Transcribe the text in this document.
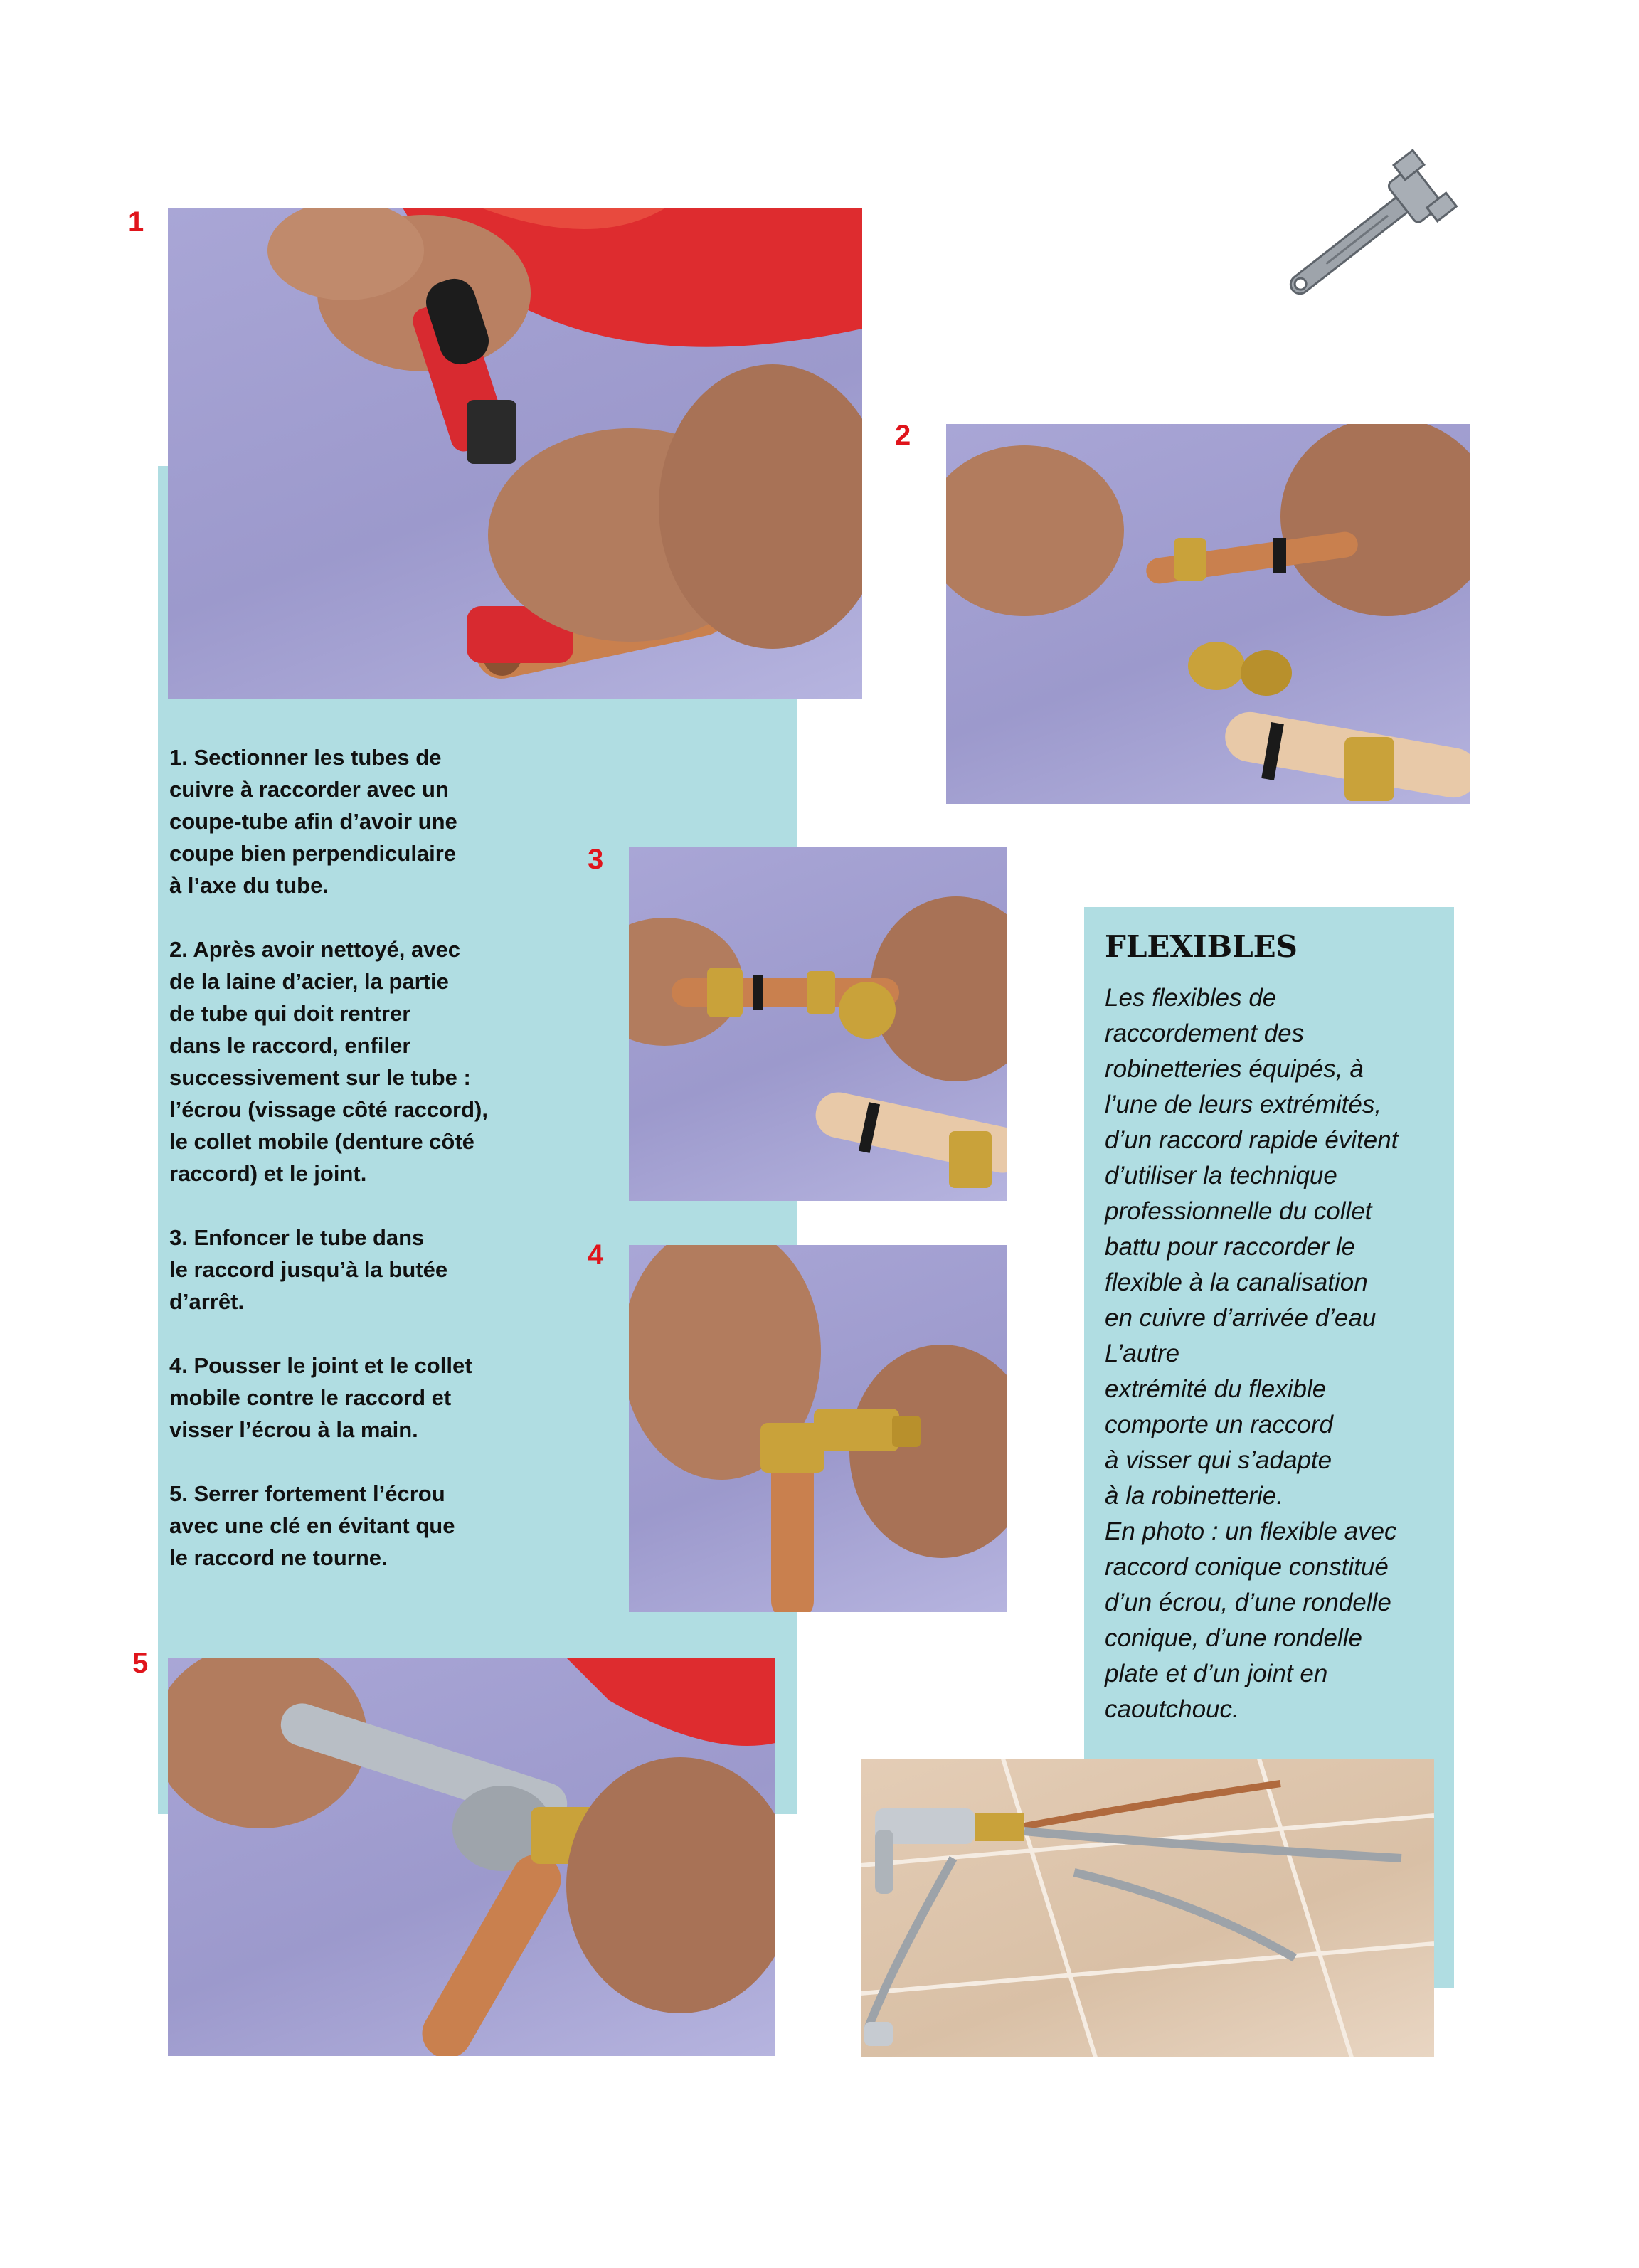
1
2
3
4
5

1. Sectionner les tubes de
cuivre à raccorder avec un
coupe-tube afin d’avoir une
coupe bien perpendiculaire
à l’axe du tube.

2. Après avoir nettoyé, avec
de la laine d’acier, la partie
de tube qui doit rentrer
dans le raccord, enfiler
successivement sur le tube :
l’écrou (vissage côté raccord),
le collet mobile (denture côté
raccord) et le joint.

3. Enfoncer le tube dans
le raccord jusqu’à la butée
d’arrêt.

4. Pousser le joint et le collet
mobile contre le raccord et
visser l’écrou à la main.

5. Serrer fortement l’écrou
avec une clé en évitant que
le raccord ne tourne.

FLEXIBLES

Les flexibles de
raccordement des
robinetteries équipés, à
l’une de leurs extrémités,
d’un raccord rapide évitent
d’utiliser la technique
professionnelle du collet
battu pour raccorder le
flexible à la canalisation
en cuivre d’arrivée d’eau
L’autre
extrémité du flexible
comporte un raccord
à visser qui s’adapte
à la robinetterie.
En photo : un flexible avec
raccord conique constitué
d’un écrou, d’une rondelle
conique, d’une rondelle
plate et d’un joint en
caoutchouc.
